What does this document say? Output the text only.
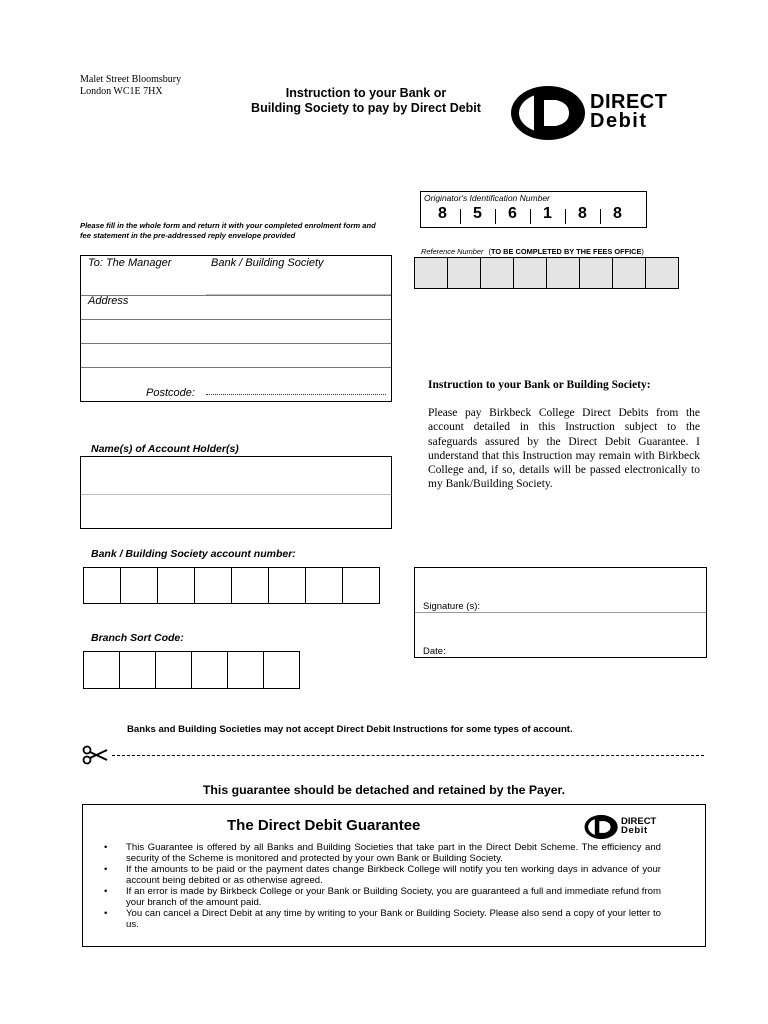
Malet Street Bloomsbury
London WC1E 7HX	Instruction to your Bank or
Building Society to pay by Direct Debit	DIRECT
Debit
Originator's Identification Number
8	5	6	1	8	8
Please fill in the whole form and return it with your completed enrolment form and fee statement in the pre-addressed reply envelope provided
Reference Number (TO BE COMPLETED BY THE FEES OFFICE)
To: The Manager	Bank / Building Society
Address
Postcode:
Instruction to your Bank or Building Society:
Please pay Birkbeck College Direct Debits from the account detailed in this Instruction subject to the safeguards assured by the Direct Debit Guarantee. I understand that this Instruction may remain with Birkbeck College and, if so, details will be passed electronically to my Bank/Building Society.
Name(s) of Account Holder(s)
Bank / Building Society account number:
Branch Sort Code:
Signature (s):
Date:
Banks and Building Societies may not accept Direct Debit Instructions for some types of account.
This guarantee should be detached and retained by the Payer.
The Direct Debit Guarantee	DIRECT
Debit
• This Guarantee is offered by all Banks and Building Societies that take part in the Direct Debit Scheme. The efficiency and security of the Scheme is monitored and protected by your own Bank or Building Society.
• If the amounts to be paid or the payment dates change Birkbeck College will notify you ten working days in advance of your account being debited or as otherwise agreed.
• If an error is made by Birkbeck College or your Bank or Building Society, you are guaranteed a full and immediate refund from your branch of the amount paid.
• You can cancel a Direct Debit at any time by writing to your Bank or Building Society. Please also send a copy of your letter to us.
